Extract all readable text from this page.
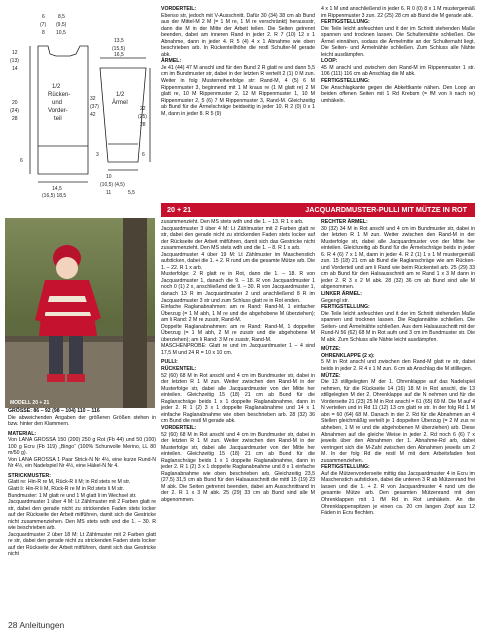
1/2
Rücken-
und
Vorder-
teil
1/2
Ärmel
6
(7)
8
8,5
(9,5)
10,5
12
(13)
14
20
(24)
28
6
32
(37)
42
14,5
(16,5) 18,5
13,5
(15,5)
16,5
22
(25)
28
6
3
10
(10,5) (4,5)
11	5,5

VORDERTEIL:

Ebenso str, jedoch mit V-Ausschnitt. Dafür 30 (34) 38 cm ab Bund aus der Mittel-M 2 M (= 1 M re, 1 M re verschränkt) heraussstr, dann die M in der Mitte der Arbeit teilen. Die Seiten getrennt beenden, dabei am inneren Rand in jeder 2. R 7 (10) 12 x 1 Abnahme, dann in jeder 4. R 5 (4) 4 x 1 Abnahme wie oben beschrieben arb. In Rückenteilhöhe die restl Schulter-M gerade abk.

ÄRMEL:

Je 41 (44) 47 M anschl und für den Bund 2 R glatt re und dann 5,5 cm im Bundmuster str, dabei in der letzten R verteilt 2 (1) 0 M zun. Weiter in folg Musterreihenfolge str: Rand-M, 4 (5) 6 M Rippenmuster 3, beginnend mit 1 M kraus re (1 M glatt re) 2 M glatt re, 10 M Rippenmuster 2, 12 M Rippenmuster 1, 10 M Rippenmuster 2, 5 (6) 7 M Rippenmuster 3, Rand-M. Gleichzeitig ab Bund für die Ärmelschräge beidseitig in jeder 10. R 2 (0) 0 x 1 M, dann in jeder 8. R 5 (9)

4 x 1 M und anschließend in jeder 6. R 0 (0) 8 x 1 M mustergemäß im Rippenmuster 3 zun. 22 (25) 28 cm ab Bund die M gerade abk.

FERTIGSTELLUNG:

Die Teile leicht anfeuchten und it der im Schnitt stehenden Maße spannen und trocknen lassen. Die Schulternähte schließen. Die Ärmel einnähen, sodass die Ärmelmitte an der Schulternaht liegt. Die Seiten- und Ärmelnähte schließen. Zum Schluss alle Nähte leicht ausdämpfen.

LOOP:

45 M anschl und zwischen den Rand-M im Rippenmuster 1 str. 106 (111) 116 cm ab Anschlag die M abk.

FERTIGSTELLUNG:

Die Anschlagkante gegen die Abkettkante nähen. Den Loop an beiden offenen Seiten mit 1 Rd Krebsm (= fM von li nach re) umhäkeln.

20 + 21	JACQUARDMUSTER-PULLI MIT MÜTZE IN ROT
MODELL 20 + 21

GRÖSSE: 86 – 92 (98 – 104) 110 – 116

Die abweichenden Angaben der größeren Größen stehen in bzw. hinter den Klammern.

MATERIAL:

Von LANA GROSSA 150 (200) 250 g Rot (Fb 44) und 50 (100) 100 g Ecru (Fb 119) „Bingo“ (100% Schurwolle Merino, LL 80 m/50 g).

Von LANA GROSSA 1 Paar Strick-N Nr 4½, eine kurze Rund-N Nr 4½, ein Nadelspiel Nr 4½, eine Häkel-N Nr 4.

STRICKMUSTER:

Glatt re: Hin-R re M, Rück-R li M; in Rd stets re M str.

Glatt li: Hin-R li M, Rück-R re M in Rd stets li M str.

Bundmuster: 1 M glatt re und 1 M glatt li im Wechsel str.

Jacquardmuster 1 über 4 M: Lt Zählmuster mit 2 Farben glatt re str, dabei den gerade nicht zu strickenden Faden stets locker auf der Rückseite der Arbeit mitführen, damit sich die Gestricke nicht zusammenziehen. Den MS stets wdh und die 1. – 30. R wie beschrieben arb.

Jacquardmuster 2 über 18 M: Lt Zählmuster mit 2 Farben glatt re str, dabei den gerade nicht zu strickenden Faden stets locker auf der Rückseite der Arbeit mitführen, damit sich das Gestricke nicht

zusammenzieht. Den MS stets wdh und die 1. – 13. R 1 x arb.

Jacquardmuster 3 über 4 M: Lt Zählmuster mit 2 Farben glatt re str, dabei den gerade nicht zu strickenden Faden stets locker auf der Rückseite der Arbeit mitführen, damit sich das Gestricke nicht zusammenzieht. Den MS stets wdh und die 1. – 8. R 1 x arb.

Jacquardmuster 4 über 19 M: Lt Zählmuster im Maschenstich aufsticken, dabei die 1. + 2. R rund um die gesamte Mütze arb. Die 1. – 22. R 1 x arb.

Musterfolge: 2 R glatt re in Rot, dann die 1. – 18. R von Jacquardmuster 1, danach die 9. – 18. R von Jacquardmuster 1 noch 0 (1) 2 x, anschließend die 9. – 30. R von Jacquardmuster 1, danach 13 R im Jacquardmuster 2 und anschließend 8 R im Jacquardmuster 3 str und zum Schluss glatt re in Rot enden.

Einfache Raglanabnahmen: am re Rand: Rand-M, 1 einfacher Überzug (= 1 M abh, 1 M re und die abgehobene M überziehen); am li Rand: 2 M re zusstr, Rand-M.

Doppelte Raglanabnahmen: am re Rand: Rand-M, 1 doppelter Überzug (= 1 M abh, 2 M re zusstr und die abgehobene M überziehen); am li Rand: 3 M re zusstr, Rand-M.

MASCHENPROBE: Glatt re und im Jacquardmuster 1 – 4 sind 17,5 M und 24 R = 10 x 10 cm.

PULLI:

RÜCKENTEIL:

52 (60) 68 M in Rot anschl und 4 cm im Bundmuster str, dabei in der letzten R 1 M zun. Weiter zwischen den Rand-M in der Musterfolge str, dabei alle Jacquardmuster von der Mitte her einteilen. Gleichzeitig 15 (18) 21 cm ab Bund für die Raglanschräge beids 1 x 1 doppelte Raglanabnahme, dann in jeder 2. R 1 (2) 3 x 1 doppelte Raglanabnahme und 14 x 1 einfache Raglanabnahme wie oben beschrieben arb. 28 (32) 36 cm Bund die restl M gerade abk.

VORDERTEIL:

52 (60) 68 M in Rot anschl und 4 cm im Bundmuster str, dabei in der letzten R 1 M zun. Weiter zwischen den Rand-M in der Musterfolge str, dabei alle Jacquardmuster von der Mitte her einteilen. Gleichzeitig 15 (18) 21 cm ab Bund für die Raglanschräge beids 1 x 1 doppelte Raglanabnahme, dann in jeder 2. R 1 (2) 3 x 1 doppelte Raglanabnahme und 8 x 1 einfache Raglanabnahme wie oben beschrieben arb. Gleichzeitig 23,5 (27,5) 31,5 cm ab Bund für den Halsausschnitt die mittl 15 (19) 23 M abk. Die Seiten getrennt beenden, dabei am Ausschnittrand in der 2. R 1 x 3 M abk. 25 (29) 33 cm ab Bund sind alle M abgenommen.

RECHTER ÄRMEL:

30 (32) 34 M in Rot anschl und 4 cm im Bundmuster str, dabei in der letzten R 1 M zun. Weiter zwischen den Rand-M in der Musterfolge str, dabei alle Jacquardmuster von der Mitte her einteilen. Gleichzeitig ab Bund für die Ärmelschräge beids in jeder 6. R 4 (6) 7 x 1 M, dann in jeder 4. R 2 (1) 1 x 1 M mustergemäß zun. 15 (18) 21 cm ab Bund die Raglanschräge wie am Rücken- und Vorderteil und am li Rand wie beim Rückenteil arb. 25 (29) 33 cm ab Bund für den Halsausschnitt am re Rand 1 x 3 M dann in jeder 2. R 3 x 2 M abk. 28 (32) 36 cm ab Bund sind alle M abgenommen.

LINKER ÄRMEL:

Gegengl str.

FERTIGSTELLUNG:

Die Teile leicht anfeuchten und it der im Schnitt stehenden Maße spannen und trocknen lassen. Die Raglannähte schließen. Die Seiten- und Ärmelnähte schließen. Aus dem Halsausschnitt mit der Rund-N 56 (62) 68 M in Rot aufn und 3 cm im Bundmuster str. Die M abk. Zum Schluss alle Nähte leicht ausdämpfen.

MÜTZE:

OHRENKLAPPE (2 x):

5 M in Rot anschl und zwischen den Rand-M glatt re str, dabei beids in jeder 2. R 4 x 1 M zun. 6 cm ab Anschlag die M stilllegen.

MÜTZE:

Die 13 stillgelegten M der 1. Ohrenklappe auf das Nadelspiel nehmen, für die Rückseite 14 (16) 18 M in Rot anschl, die 13 stillgelegten M der 2. Ohrenklappe auf die N nehmen und für die Vorderseite 21 (23) 25 M in Rot anschl = 61 (65) 69 M. Die M auf 4 N verteilen und in Rd 11 (12) 13 cm glatt re str. In der folg Rd 1 M abn = 60 (64) 68 M. Danach in der 2. Rd für die Abnahmen an 4 Stellen gleichmäßig verteilt je 1 doppelten Überzug (= 2 M zus re abheben, 1 M re und die abgehobenen M überziehen) arb. Diese Abnahmen auf die gleiche Weise in jeder 2. Rd noch 6 (6) 7 x jeweils über den Abnahmen der 1. Abnahme-Rd arb, dabei verringert sich die M-Zahl zwischen den Abnahmen jeweils um 2 M. In der folg Rd die restl M mit dem Arbeitsfaden fest zusammenziehen.

FERTIGSTELLUNG:

Auf die Mützenvorderseite mittig das Jacquardmuster 4 in Ecru im Maschenstich aufsticken, dabei die unteren 3 R ab Mützenrand frei lassen und die 1. + 2. R von Jacquardmuster 4 rund um die gesamte Mütze arb. Den gesamten Mützenrand mit den Ohrenklappen mit 1 fM Rd in Rot umhäkeln. An die Ohrenklappenspitzen je einen ca. 20 cm langen Zopf aus 12 Fäden in Ecru flechten.

28 Anleitungen
